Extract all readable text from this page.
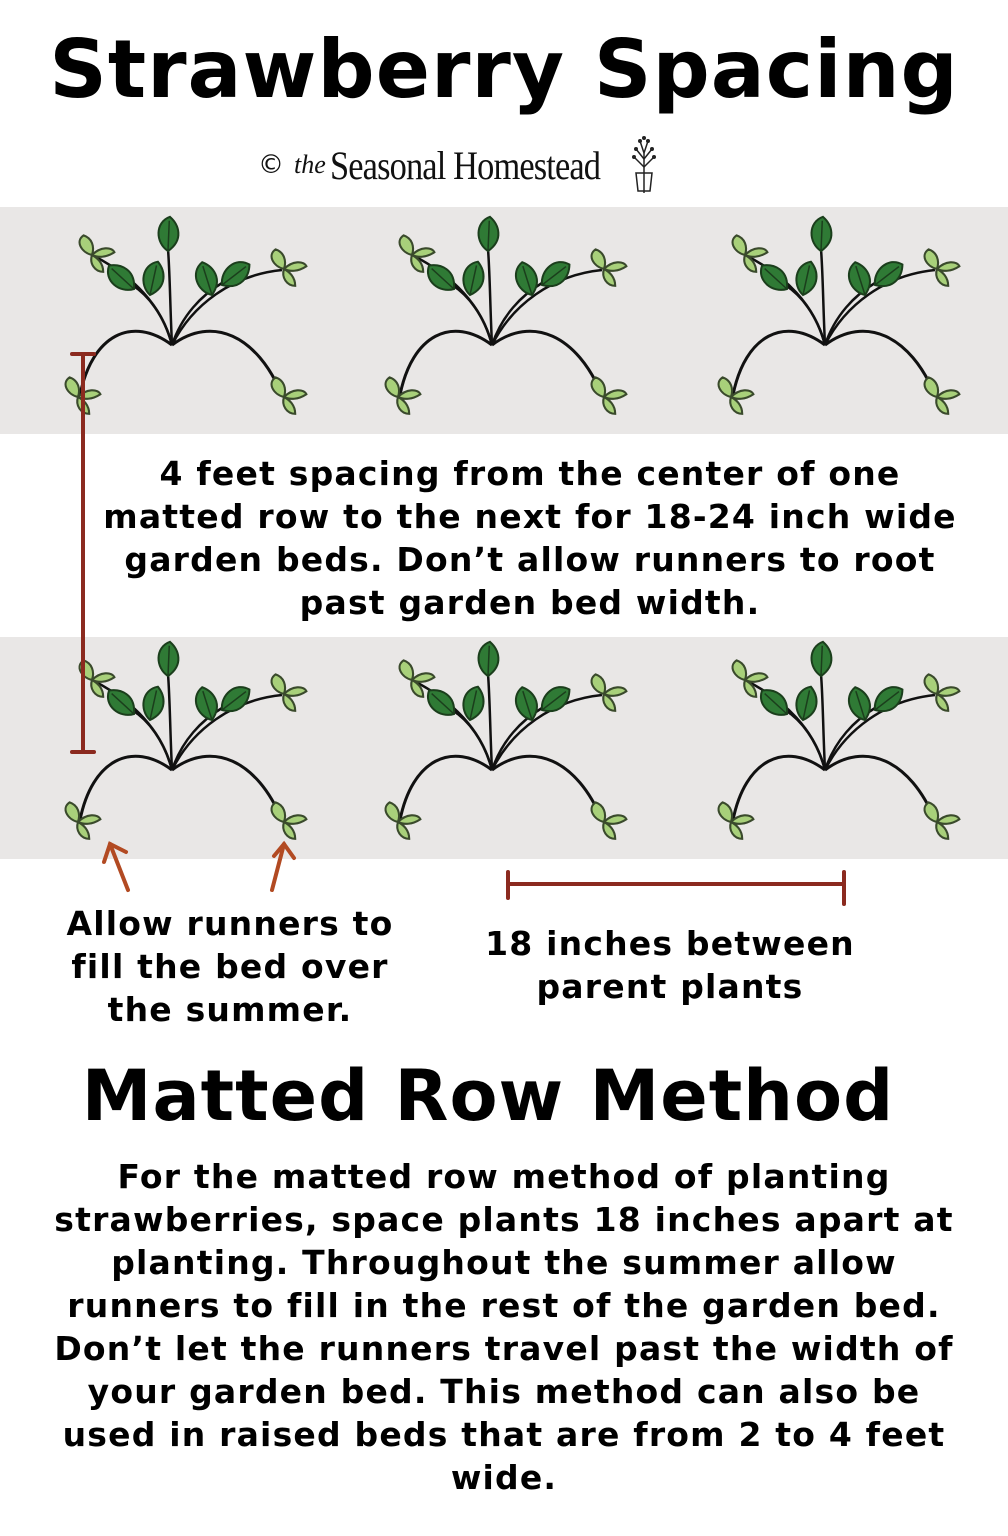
Strawberry Spacing
© the Seasonal Homestead
4 feet spacing from the center of one matted row to the next for 18-24 inch wide garden beds. Don’t allow runners to root past garden bed width.
Allow runners to fill the bed over the summer.
18 inches between parent plants
Matted Row Method
For the matted row method of planting strawberries, space plants 18 inches apart at planting. Throughout the summer allow runners to fill in the rest of the garden bed. Don’t let the runners travel past the width of your garden bed. This method can also be used in raised beds that are from 2 to 4 feet wide.
